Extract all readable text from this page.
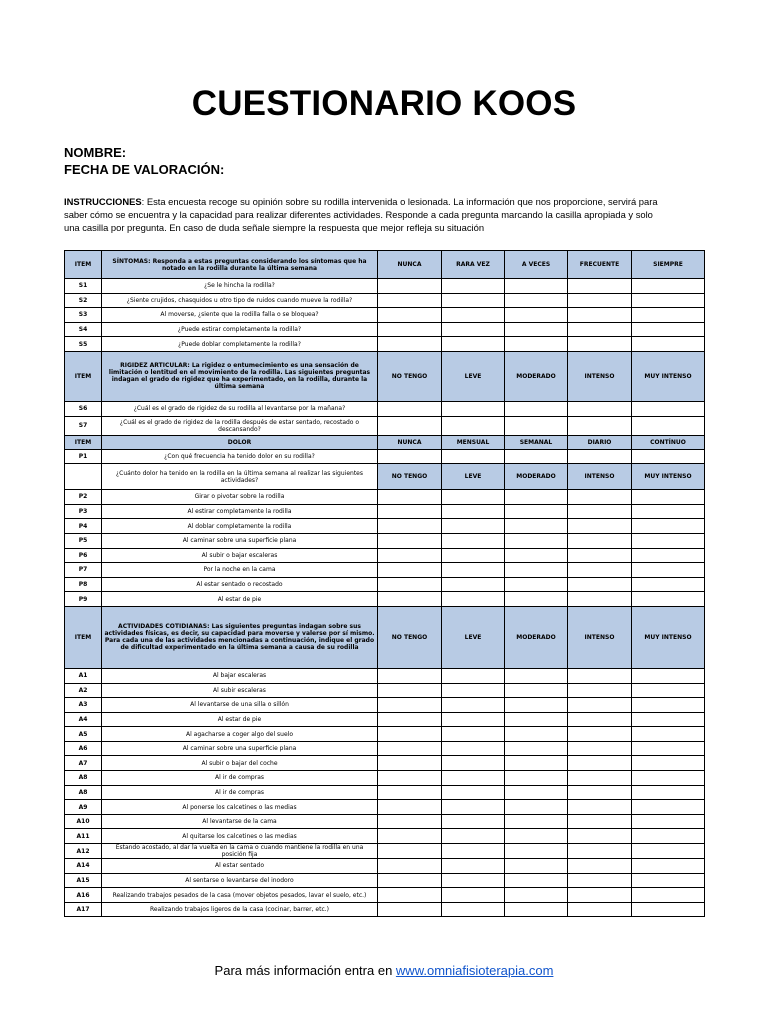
CUESTIONARIO KOOS
NOMBRE:
FECHA DE VALORACIÓN:
INSTRUCCIONES: Esta encuesta recoge su opinión sobre su rodilla intervenida o lesionada. La información que nos proporcione, servirá para saber cómo se encuentra y la capacidad para realizar diferentes actividades. Responde a cada pregunta marcando la casilla apropiada y solo una casilla por pregunta. En caso de duda señale siempre la respuesta que mejor refleja su situación
ITEM	SÍNTOMAS: Responda a estas preguntas considerando los síntomas que ha notado en la rodilla durante la última semana	NUNCA	RARA VEZ	A VECES	FRECUENTE	SIEMPRE
S1	¿Se le hincha la rodilla?					
S2	¿Siente crujidos, chasquidos u otro tipo de ruidos cuando mueve la rodilla?					
S3	Al moverse, ¿siente que la rodilla falla o se bloquea?					
S4	¿Puede estirar completamente la rodilla?					
S5	¿Puede doblar completamente la rodilla?					
ITEM	RIGIDEZ ARTICULAR: La rigidez o entumecimiento es una sensación de limitación o lentitud en el movimiento de la rodilla. Las siguientes preguntas indagan el grado de rigidez que ha experimentado, en la rodilla, durante la última semana	NO TENGO	LEVE	MODERADO	INTENSO	MUY INTENSO
S6	¿Cuál es el grado de rigidez de su rodilla al levantarse por la mañana?					
S7	¿Cuál es el grado de rigidez de la rodilla después de estar sentado, recostado o descansando?					
ITEM	DOLOR	NUNCA	MENSUAL	SEMANAL	DIARIO	CONTÍNUO
P1	¿Con qué frecuencia ha tenido dolor en su rodilla?					
	¿Cuánto dolor ha tenido en la rodilla en la última semana al realizar las siguientes actividades?	NO TENGO	LEVE	MODERADO	INTENSO	MUY INTENSO
P2	Girar o pivotar sobre la rodilla					
P3	Al estirar completamente la rodilla					
P4	Al doblar completamente la rodilla					
P5	Al caminar sobre una superficie plana					
P6	Al subir o bajar escaleras					
P7	Por la noche en la cama					
P8	Al estar sentado o recostado					
P9	Al estar de pie					
ITEM	ACTIVIDADES COTIDIANAS: Las siguientes preguntas indagan sobre sus actividades físicas, es decir, su capacidad para moverse y valerse por sí mismo. Para cada una de las actividades mencionadas a continuación, indique el grado de dificultad experimentado en la última semana a causa de su rodilla	NO TENGO	LEVE	MODERADO	INTENSO	MUY INTENSO
A1	Al bajar escaleras					
A2	Al subir escaleras					
A3	Al levantarse de una silla o sillón					
A4	Al estar de pie					
A5	Al agacharse a coger algo del suelo					
A6	Al caminar sobre una superficie plana					
A7	Al subir o bajar del coche					
A8	Al ir de compras					
A8	Al ir de compras					
A9	Al ponerse los calcetines o las medias					
A10	Al levantarse de la cama					
A11	Al quitarse los calcetines o las medias					
A12	Estando acostado, al dar la vuelta en la cama o cuando mantiene la rodilla en una posición fija					
A14	Al estar sentado					
A15	Al sentarse o levantarse del inodoro					
A16	Realizando trabajos pesados de la casa (mover objetos pesados, lavar el suelo, etc.)					
A17	Realizando trabajos ligeros de la casa (cocinar, barrer, etc.)					
Para más información entra en www.omniafisioterapia.com
